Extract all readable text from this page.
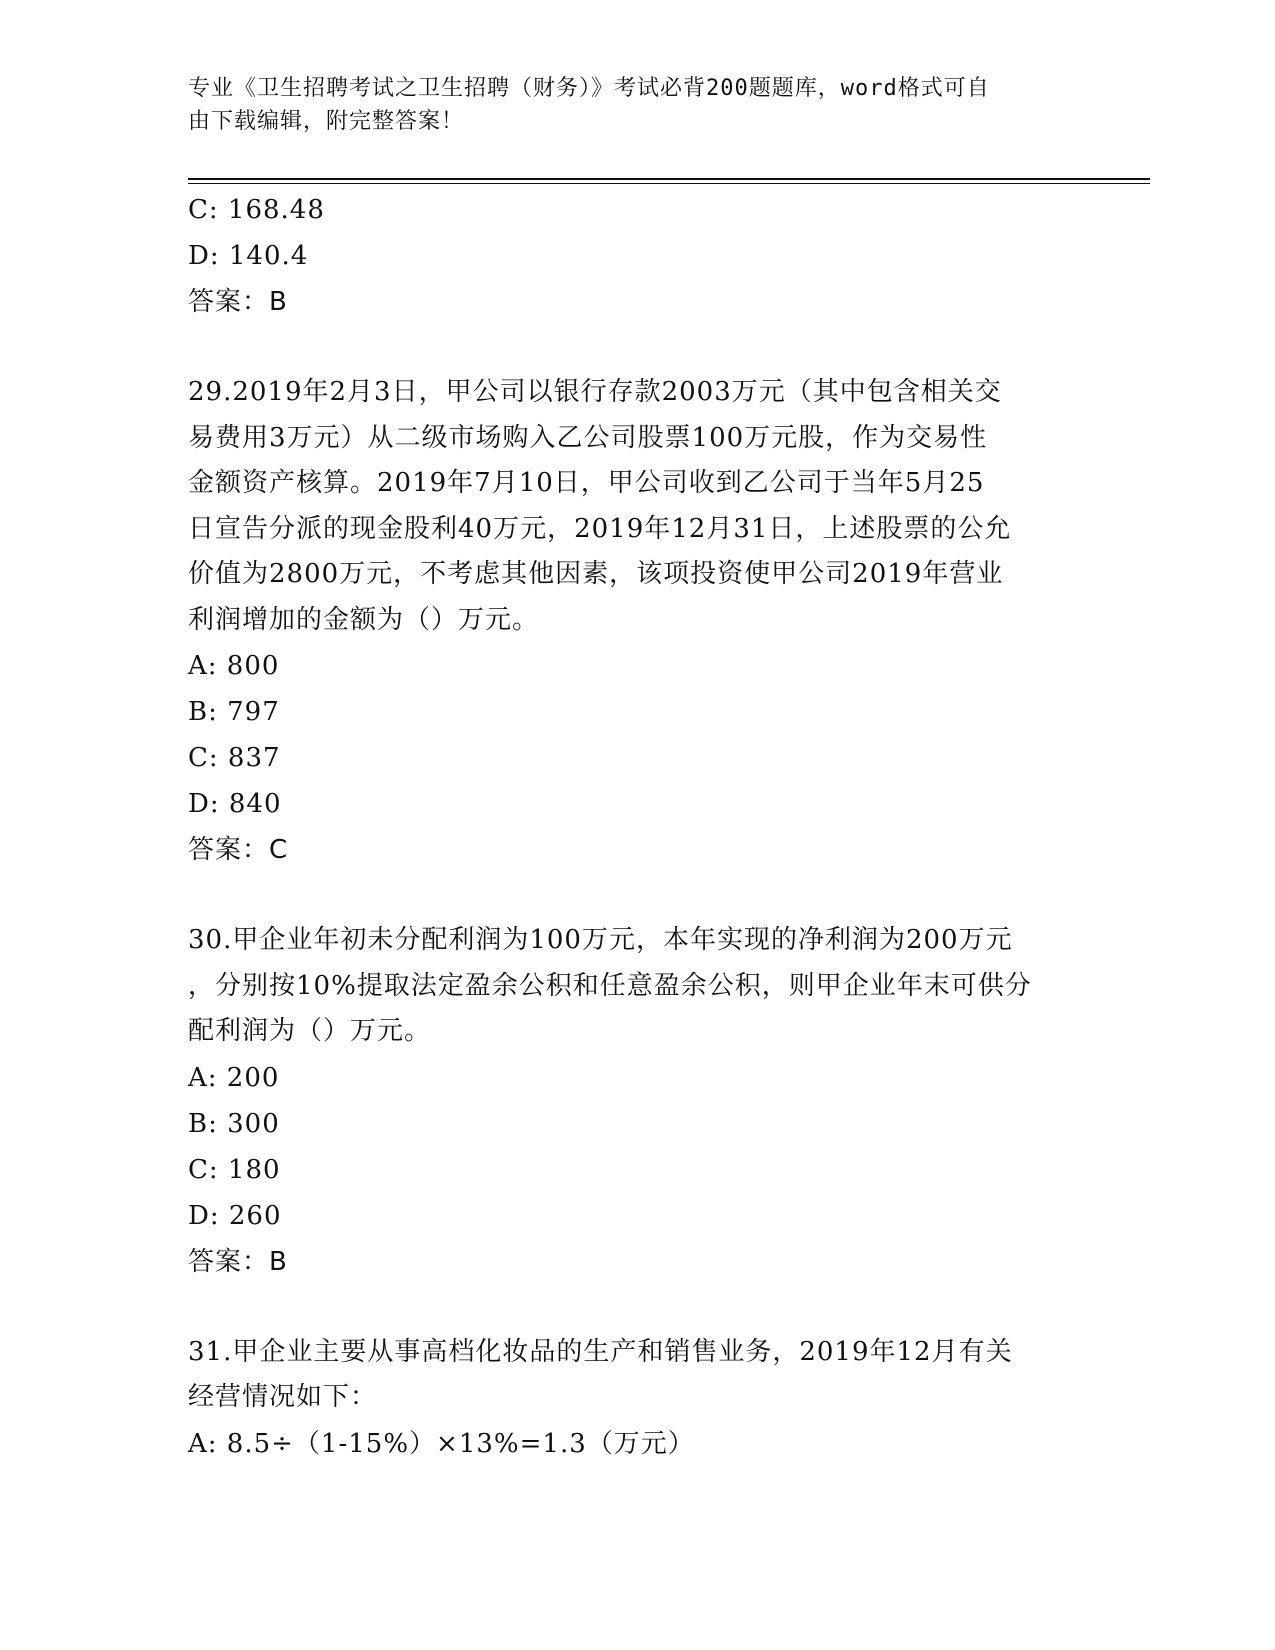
专业《卫生招聘考试之卫生招聘（财务）》考试必背200题题库，word格式可自
由下载编辑，附完整答案！
C: 168.48
D: 140.4
答案：B
29.2019年2月3日，甲公司以银行存款2003万元（其中包含相关交
易费用3万元）从二级市场购入乙公司股票100万元股，作为交易性
金额资产核算。2019年7月10日，甲公司收到乙公司于当年5月25
日宣告分派的现金股利40万元，2019年12月31日，上述股票的公允
价值为2800万元，不考虑其他因素，该项投资使甲公司2019年营业
利润增加的金额为（）万元。
A: 800
B: 797
C: 837
D: 840
答案：C
30.甲企业年初未分配利润为100万元，本年实现的净利润为200万元
，分别按10%提取法定盈余公积和任意盈余公积，则甲企业年末可供分
配利润为（）万元。
A: 200
B: 300
C: 180
D: 260
答案：B
31.甲企业主要从事高档化妆品的生产和销售业务，2019年12月有关
经营情况如下：
A: 8.5÷（1-15%）×13%=1.3（万元）
